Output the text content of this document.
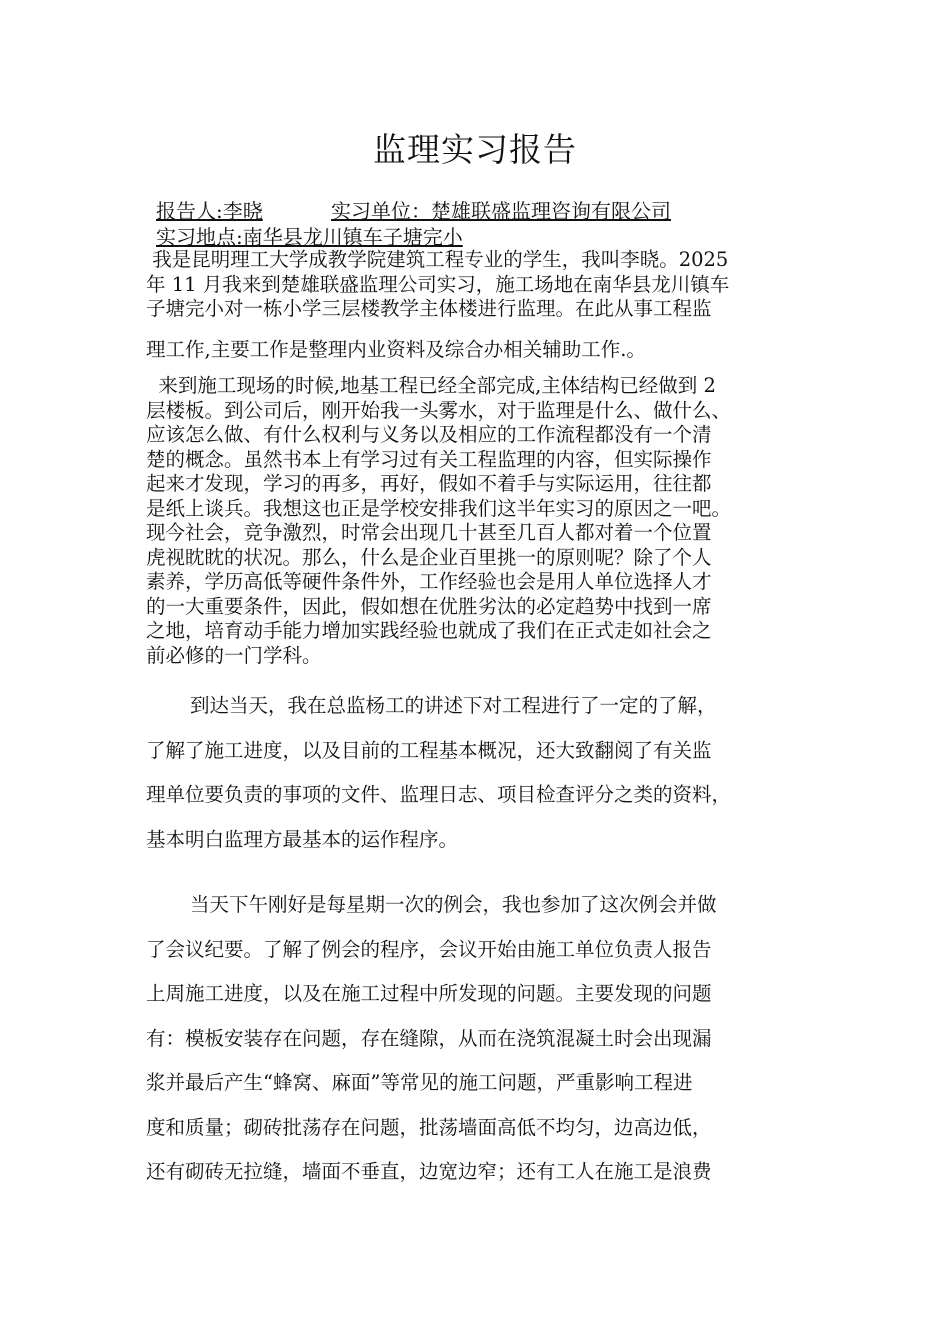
监理实习报告
报告人:李晓	实习单位：楚雄联盛监理咨询有限公司
实习地点:南华县龙川镇车子塘完小
我是昆明理工大学成教学院建筑工程专业的学生，我叫李晓。2025
年 11 月我来到楚雄联盛监理公司实习，施工场地在南华县龙川镇车
子塘完小对一栋小学三层楼教学主体楼进行监理。在此从事工程监
理工作,主要工作是整理内业资料及综合办相关辅助工作.。
来到施工现场的时候,地基工程已经全部完成,主体结构已经做到 2
层楼板。到公司后，刚开始我一头雾水，对于监理是什么、做什么、
应该怎么做、有什么权利与义务以及相应的工作流程都没有一个清
楚的概念。虽然书本上有学习过有关工程监理的内容，但实际操作
起来才发现，学习的再多，再好，假如不着手与实际运用，往往都
是纸上谈兵。我想这也正是学校安排我们这半年实习的原因之一吧。
现今社会，竞争激烈，时常会出现几十甚至几百人都对着一个位置
虎视眈眈的状况。那么，什么是企业百里挑一的原则呢？除了个人
素养，学历高低等硬件条件外，工作经验也会是用人单位选择人才
的一大重要条件，因此，假如想在优胜劣汰的必定趋势中找到一席
之地，培育动手能力增加实践经验也就成了我们在正式走如社会之
前必修的一门学科。
到达当天，我在总监杨工的讲述下对工程进行了一定的了解，
了解了施工进度，以及目前的工程基本概况，还大致翻阅了有关监
理单位要负责的事项的文件、监理日志、项目检查评分之类的资料，
基本明白监理方最基本的运作程序。
当天下午刚好是每星期一次的例会，我也参加了这次例会并做
了会议纪要。了解了例会的程序，会议开始由施工单位负责人报告
上周施工进度，以及在施工过程中所发现的问题。主要发现的问题
有：模板安装存在问题，存在缝隙，从而在浇筑混凝土时会出现漏
浆并最后产生“蜂窝、麻面”等常见的施工问题，严重影响工程进
度和质量；砌砖批荡存在问题，批荡墙面高低不均匀，边高边低，
还有砌砖无拉缝，墙面不垂直，边宽边窄；还有工人在施工是浪费
